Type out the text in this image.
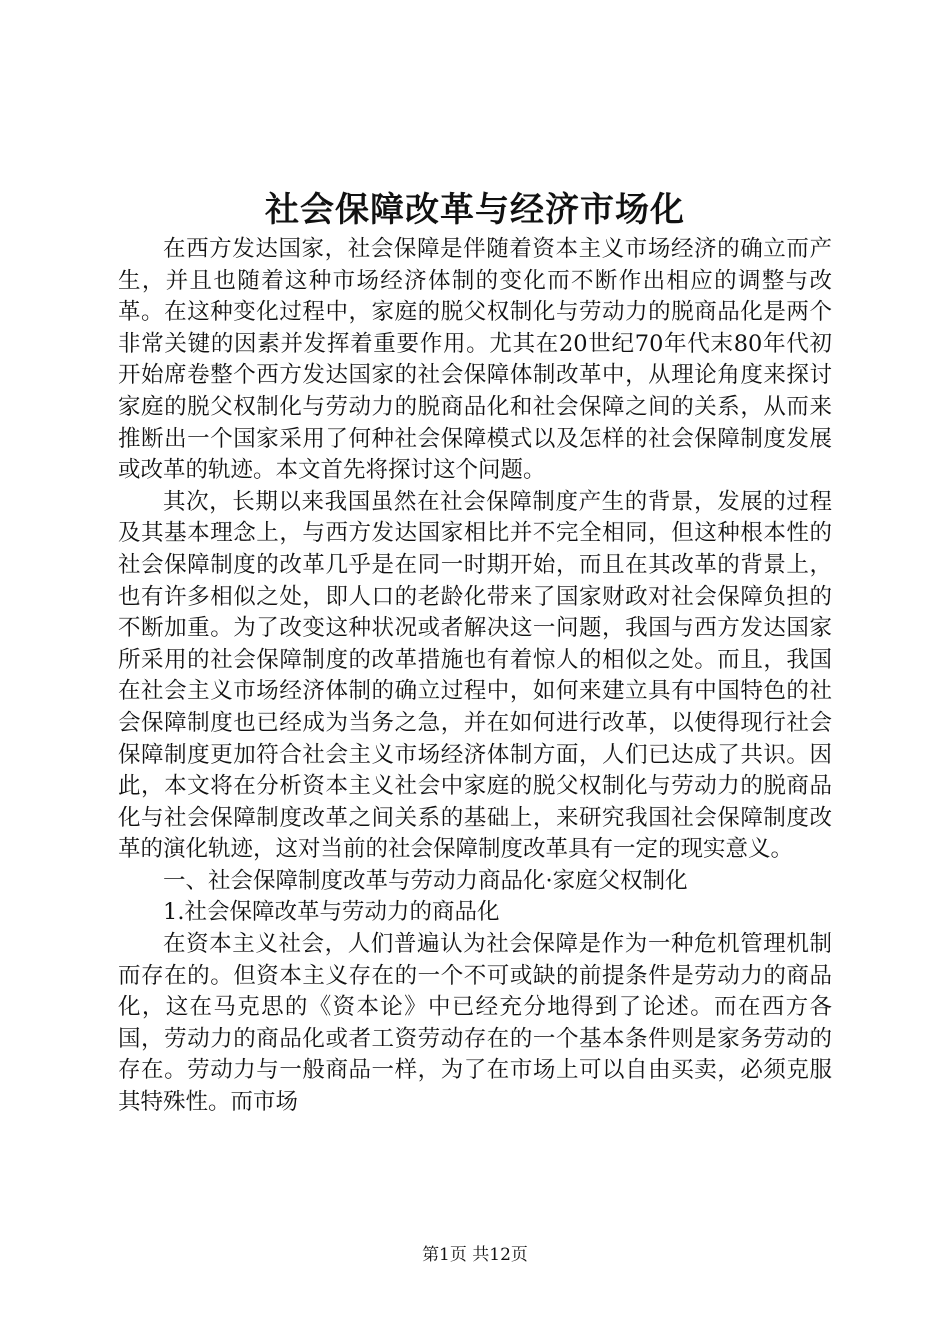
社会保障改革与经济市场化

在西方发达国家，社会保障是伴随着资本主义市场经济的确立而产生，并且也随着这种市场经济体制的变化而不断作出相应的调整与改革。在这种变化过程中，家庭的脱父权制化与劳动力的脱商品化是两个非常关键的因素并发挥着重要作用。尤其在20世纪70年代末80年代初开始席卷整个西方发达国家的社会保障体制改革中，从理论角度来探讨家庭的脱父权制化与劳动力的脱商品化和社会保障之间的关系，从而来推断出一个国家采用了何种社会保障模式以及怎样的社会保障制度发展或改革的轨迹。本文首先将探讨这个问题。

其次，长期以来我国虽然在社会保障制度产生的背景，发展的过程及其基本理念上，与西方发达国家相比并不完全相同，但这种根本性的社会保障制度的改革几乎是在同一时期开始，而且在其改革的背景上，也有许多相似之处，即人口的老龄化带来了国家财政对社会保障负担的不断加重。为了改变这种状况或者解决这一问题，我国与西方发达国家所采用的社会保障制度的改革措施也有着惊人的相似之处。而且，我国在社会主义市场经济体制的确立过程中，如何来建立具有中国特色的社会保障制度也已经成为当务之急，并在如何进行改革，以使得现行社会保障制度更加符合社会主义市场经济体制方面，人们已达成了共识。因此，本文将在分析资本主义社会中家庭的脱父权制化与劳动力的脱商品化与社会保障制度改革之间关系的基础上，来研究我国社会保障制度改革的演化轨迹，这对当前的社会保障制度改革具有一定的现实意义。

一、社会保障制度改革与劳动力商品化·家庭父权制化

1.社会保障改革与劳动力的商品化

在资本主义社会，人们普遍认为社会保障是作为一种危机管理机制而存在的。但资本主义存在的一个不可或缺的前提条件是劳动力的商品化，这在马克思的《资本论》中已经充分地得到了论述。而在西方各国，劳动力的商品化或者工资劳动存在的一个基本条件则是家务劳动的存在。劳动力与一般商品一样，为了在市场上可以自由买卖，必须克服其特殊性。而市场

第1页 共12页
